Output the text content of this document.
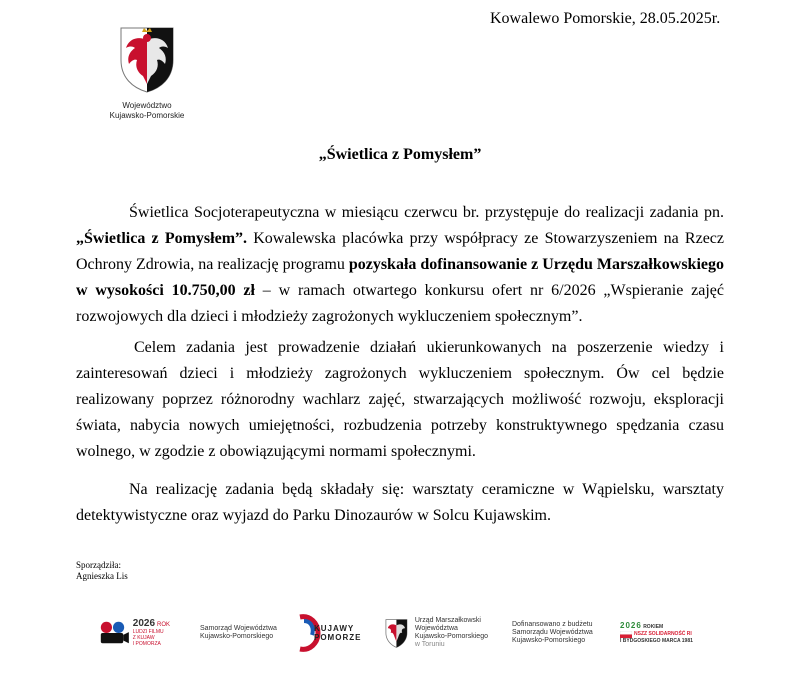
Kowalewo Pomorskie, 28.05.2025r.
Województwo
Kujawsko-Pomorskie
„Świetlica z Pomysłem”
Świetlica Socjoterapeutyczna w miesiącu czerwcu br. przystępuje do realizacji zadania pn. „Świetlica z Pomysłem”. Kowalewska placówka przy współpracy ze Stowarzyszeniem na Rzecz Ochrony Zdrowia, na realizację programu pozyskała dofinansowanie z Urzędu Marszałkowskiego w wysokości 10.750,00 zł – w ramach otwartego konkursu ofert nr 6/2026 „Wspieranie zajęć rozwojowych dla dzieci i młodzieży zagrożonych wykluczeniem społecznym”.
Celem zadania jest prowadzenie działań ukierunkowanych na poszerzenie wiedzy i zainteresowań dzieci i młodzieży zagrożonych wykluczeniem społecznym. Ów cel będzie realizowany poprzez różnorodny wachlarz zajęć, stwarzających możliwość rozwoju, eksploracji świata, nabycia nowych umiejętności, rozbudzenia potrzeby konstruktywnego spędzania czasu wolnego, w zgodzie z obowiązującymi normami społecznymi.
Na realizację zadania będą składały się: warsztaty ceramiczne w Wąpielsku, warsztaty detektywistyczne oraz wyjazd do Parku Dinozaurów w Solcu Kujawskim.
Sporządziła:
Agnieszka Lis
2026 ROK
LUDZI FILMU
Z KUJAW
I POMORZA
Samorząd Województwa
Kujawsko-Pomorskiego
KUJAWY
POMORZE
Urząd Marszałkowski
Województwa
Kujawsko-Pomorskiego
w Toruniu
Dofinansowano z budżetu
Samorządu Województwa
Kujawsko-Pomorskiego
2026 ROKIEM
NSZZ SOLIDARNOŚĆ RI
I BYDGOSKIEGO MARCA 1981
